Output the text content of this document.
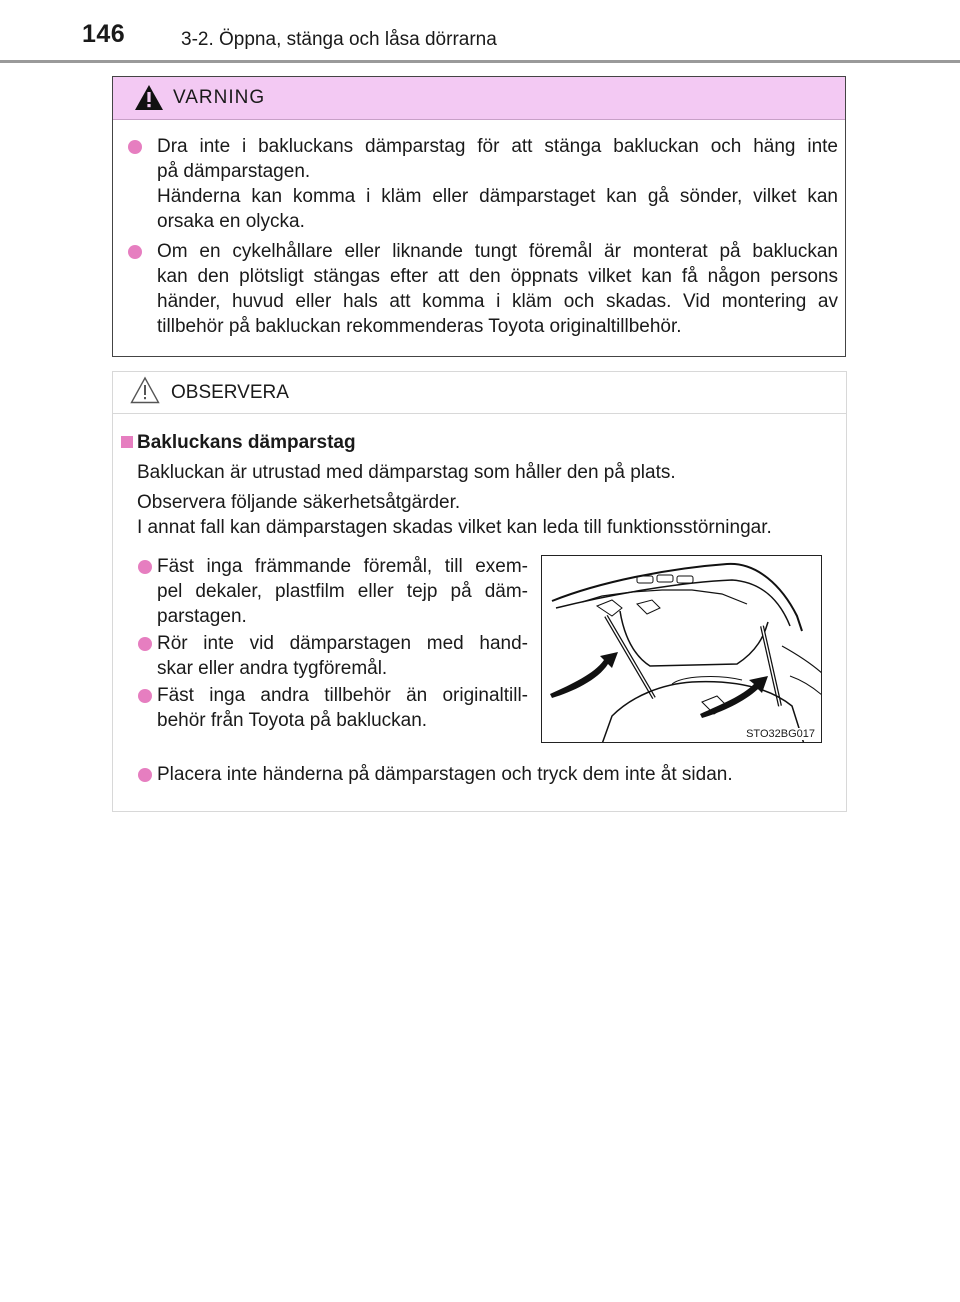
146	3-2. Öppna, stänga och låsa dörrarna
VARNING
Dra inte i bakluckans dämparstag för att stänga bakluckan och häng inte
på dämparstagen.
Händerna kan komma i kläm eller dämparstaget kan gå sönder, vilket kan
orsaka en olycka.
Om en cykelhållare eller liknande tungt föremål är monterat på bakluckan
kan den plötsligt stängas efter att den öppnats vilket kan få någon persons
händer, huvud eller hals att komma i kläm och skadas. Vid montering av
tillbehör på bakluckan rekommenderas Toyota originaltillbehör.
OBSERVERA
Bakluckans dämparstag
Bakluckan är utrustad med dämparstag som håller den på plats.
Observera följande säkerhetsåtgärder.
I annat fall kan dämparstagen skadas vilket kan leda till funktionsstörningar.
Fäst inga främmande föremål, till exem-
pel dekaler, plastfilm eller tejp på däm-
parstagen.
Rör inte vid dämparstagen med hand-
skar eller andra tygföremål.
Fäst inga andra tillbehör än originaltill-
behör från Toyota på bakluckan.
STO32BG017
Placera inte händerna på dämparstagen och tryck dem inte åt sidan.
